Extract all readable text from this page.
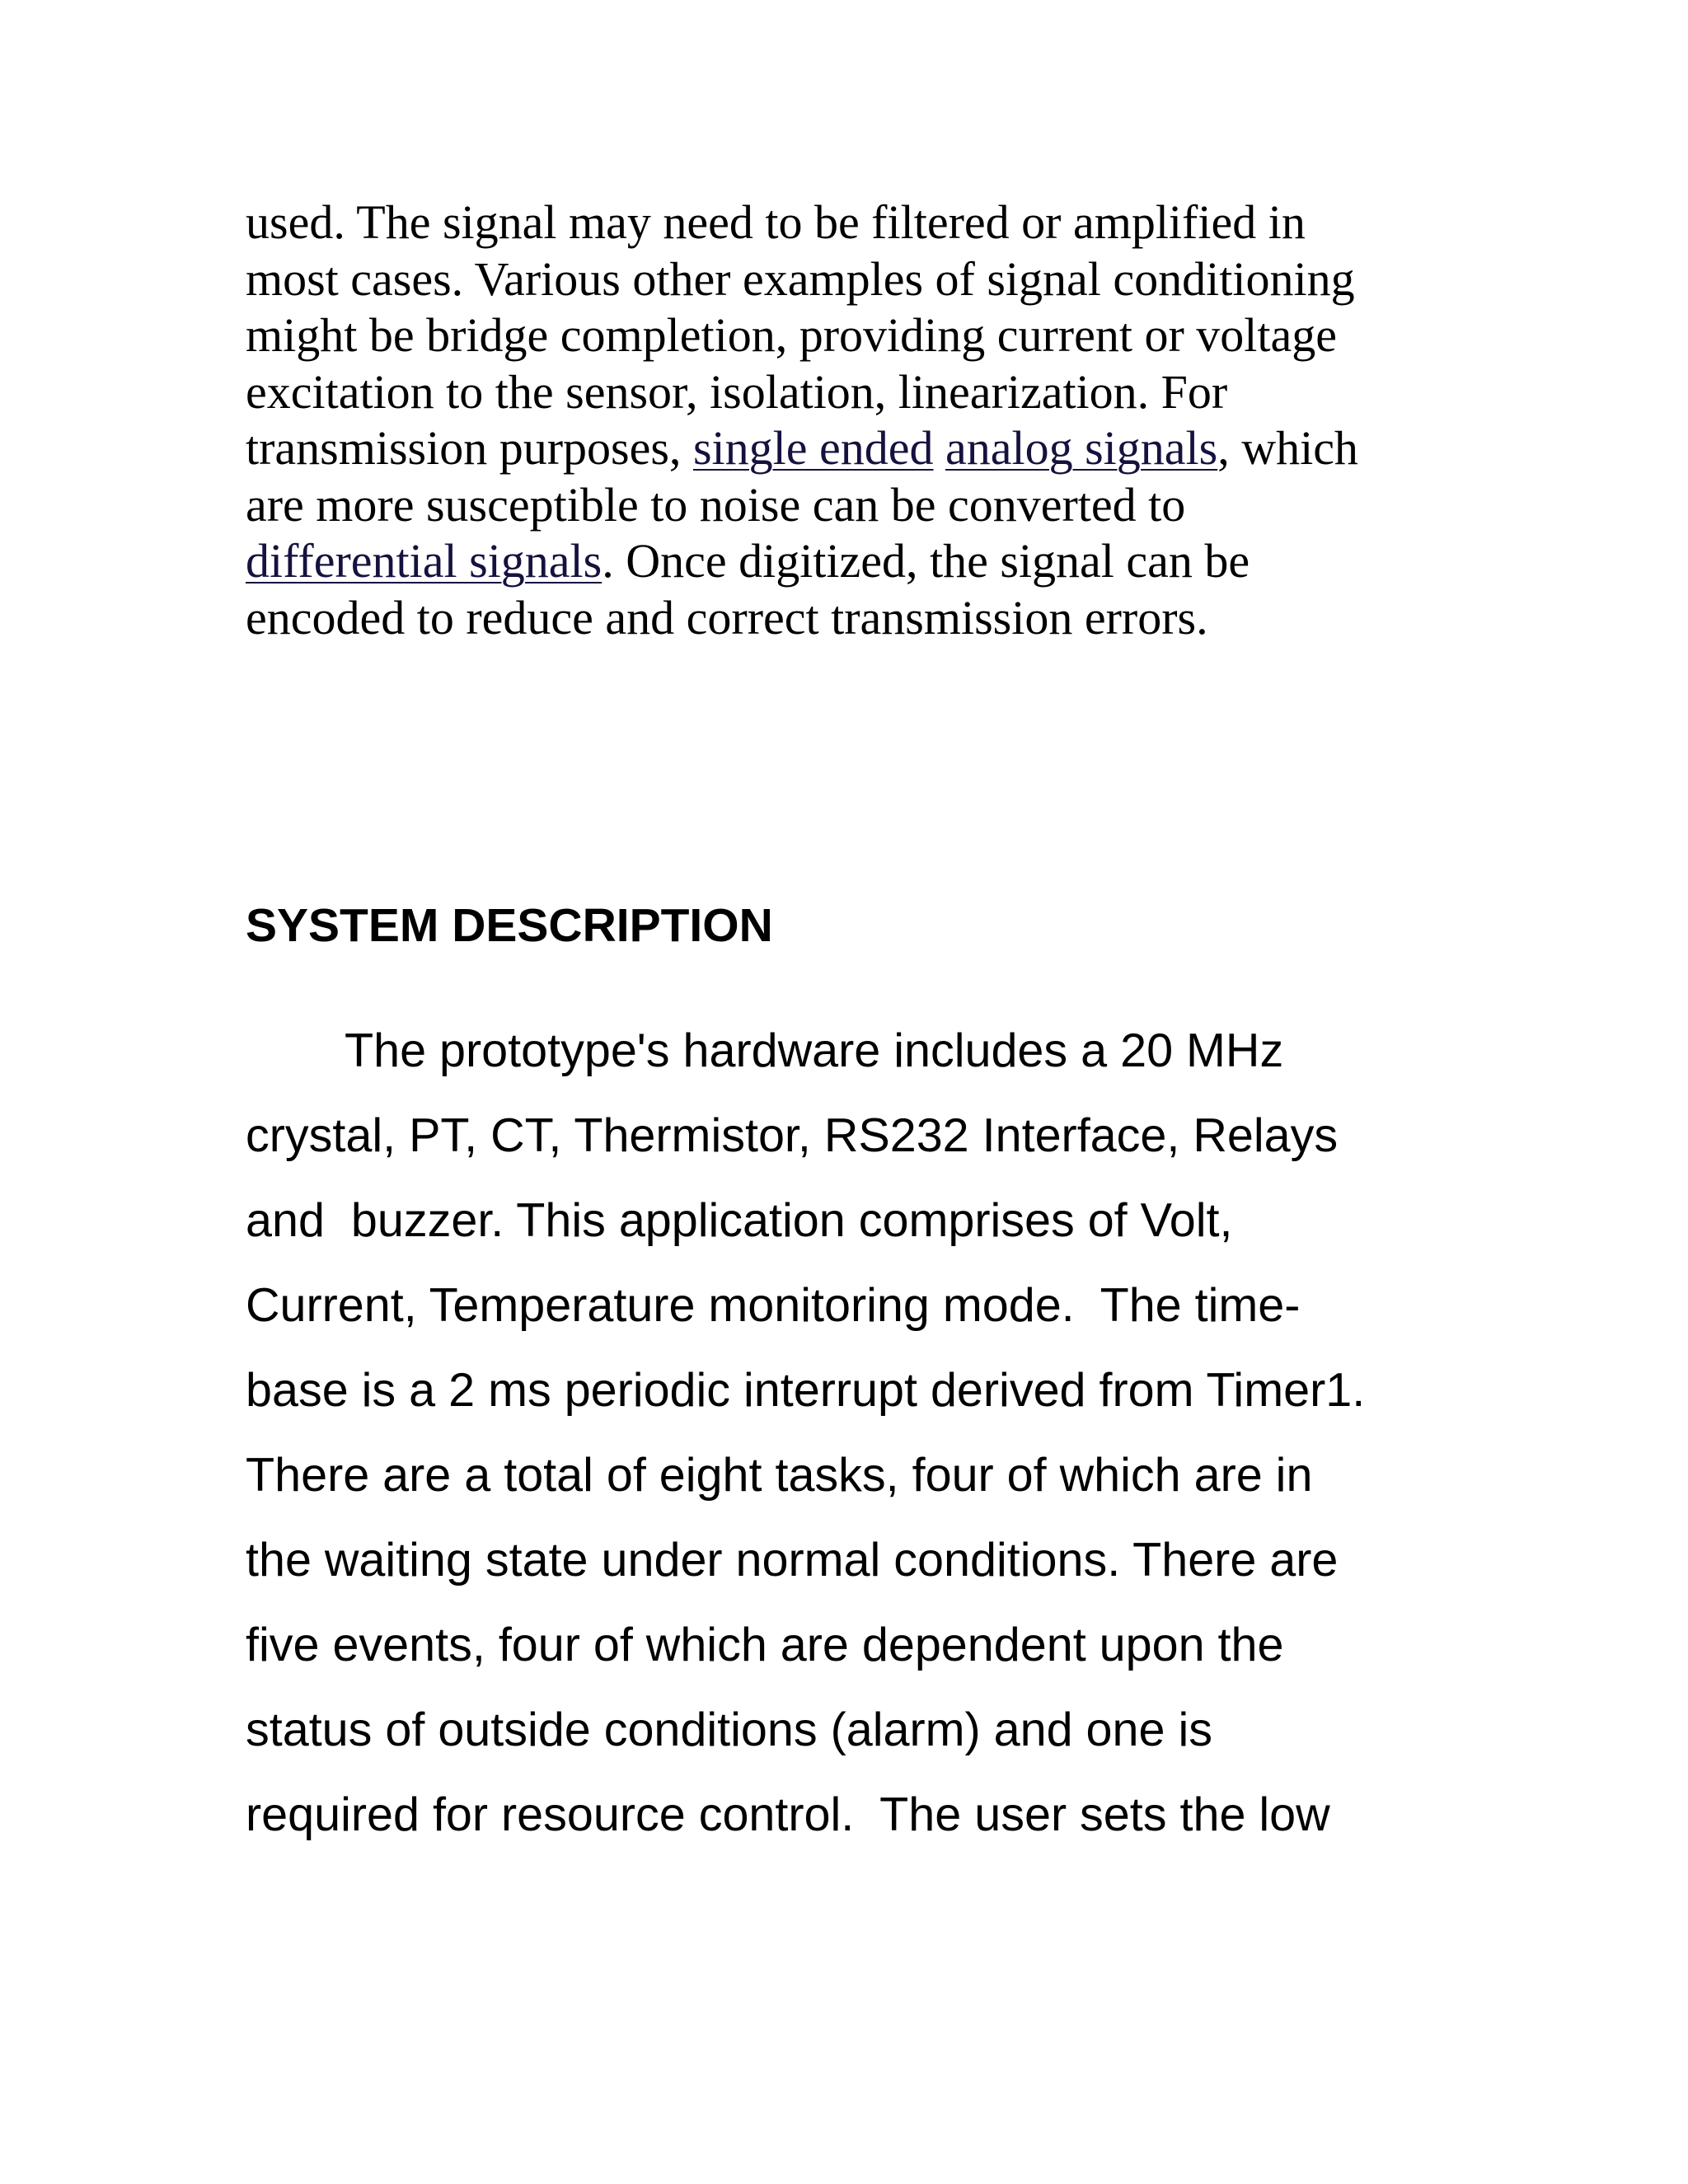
used. The signal may need to be filtered or amplified in
most cases. Various other examples of signal conditioning
might be bridge completion, providing current or voltage
excitation to the sensor, isolation, linearization. For
transmission purposes, single ended analog signals, which
are more susceptible to noise can be converted to
differential signals. Once digitized, the signal can be
encoded to reduce and correct transmission errors.
SYSTEM DESCRIPTION
The prototype's hardware includes a 20 MHz
crystal, PT, CT, Thermistor, RS232 Interface, Relays
and  buzzer. This application comprises of Volt,
Current, Temperature monitoring mode.  The time-
base is a 2 ms periodic interrupt derived from Timer1.
There are a total of eight tasks, four of which are in
the waiting state under normal conditions. There are
five events, four of which are dependent upon the
status of outside conditions (alarm) and one is
required for resource control.  The user sets the low
